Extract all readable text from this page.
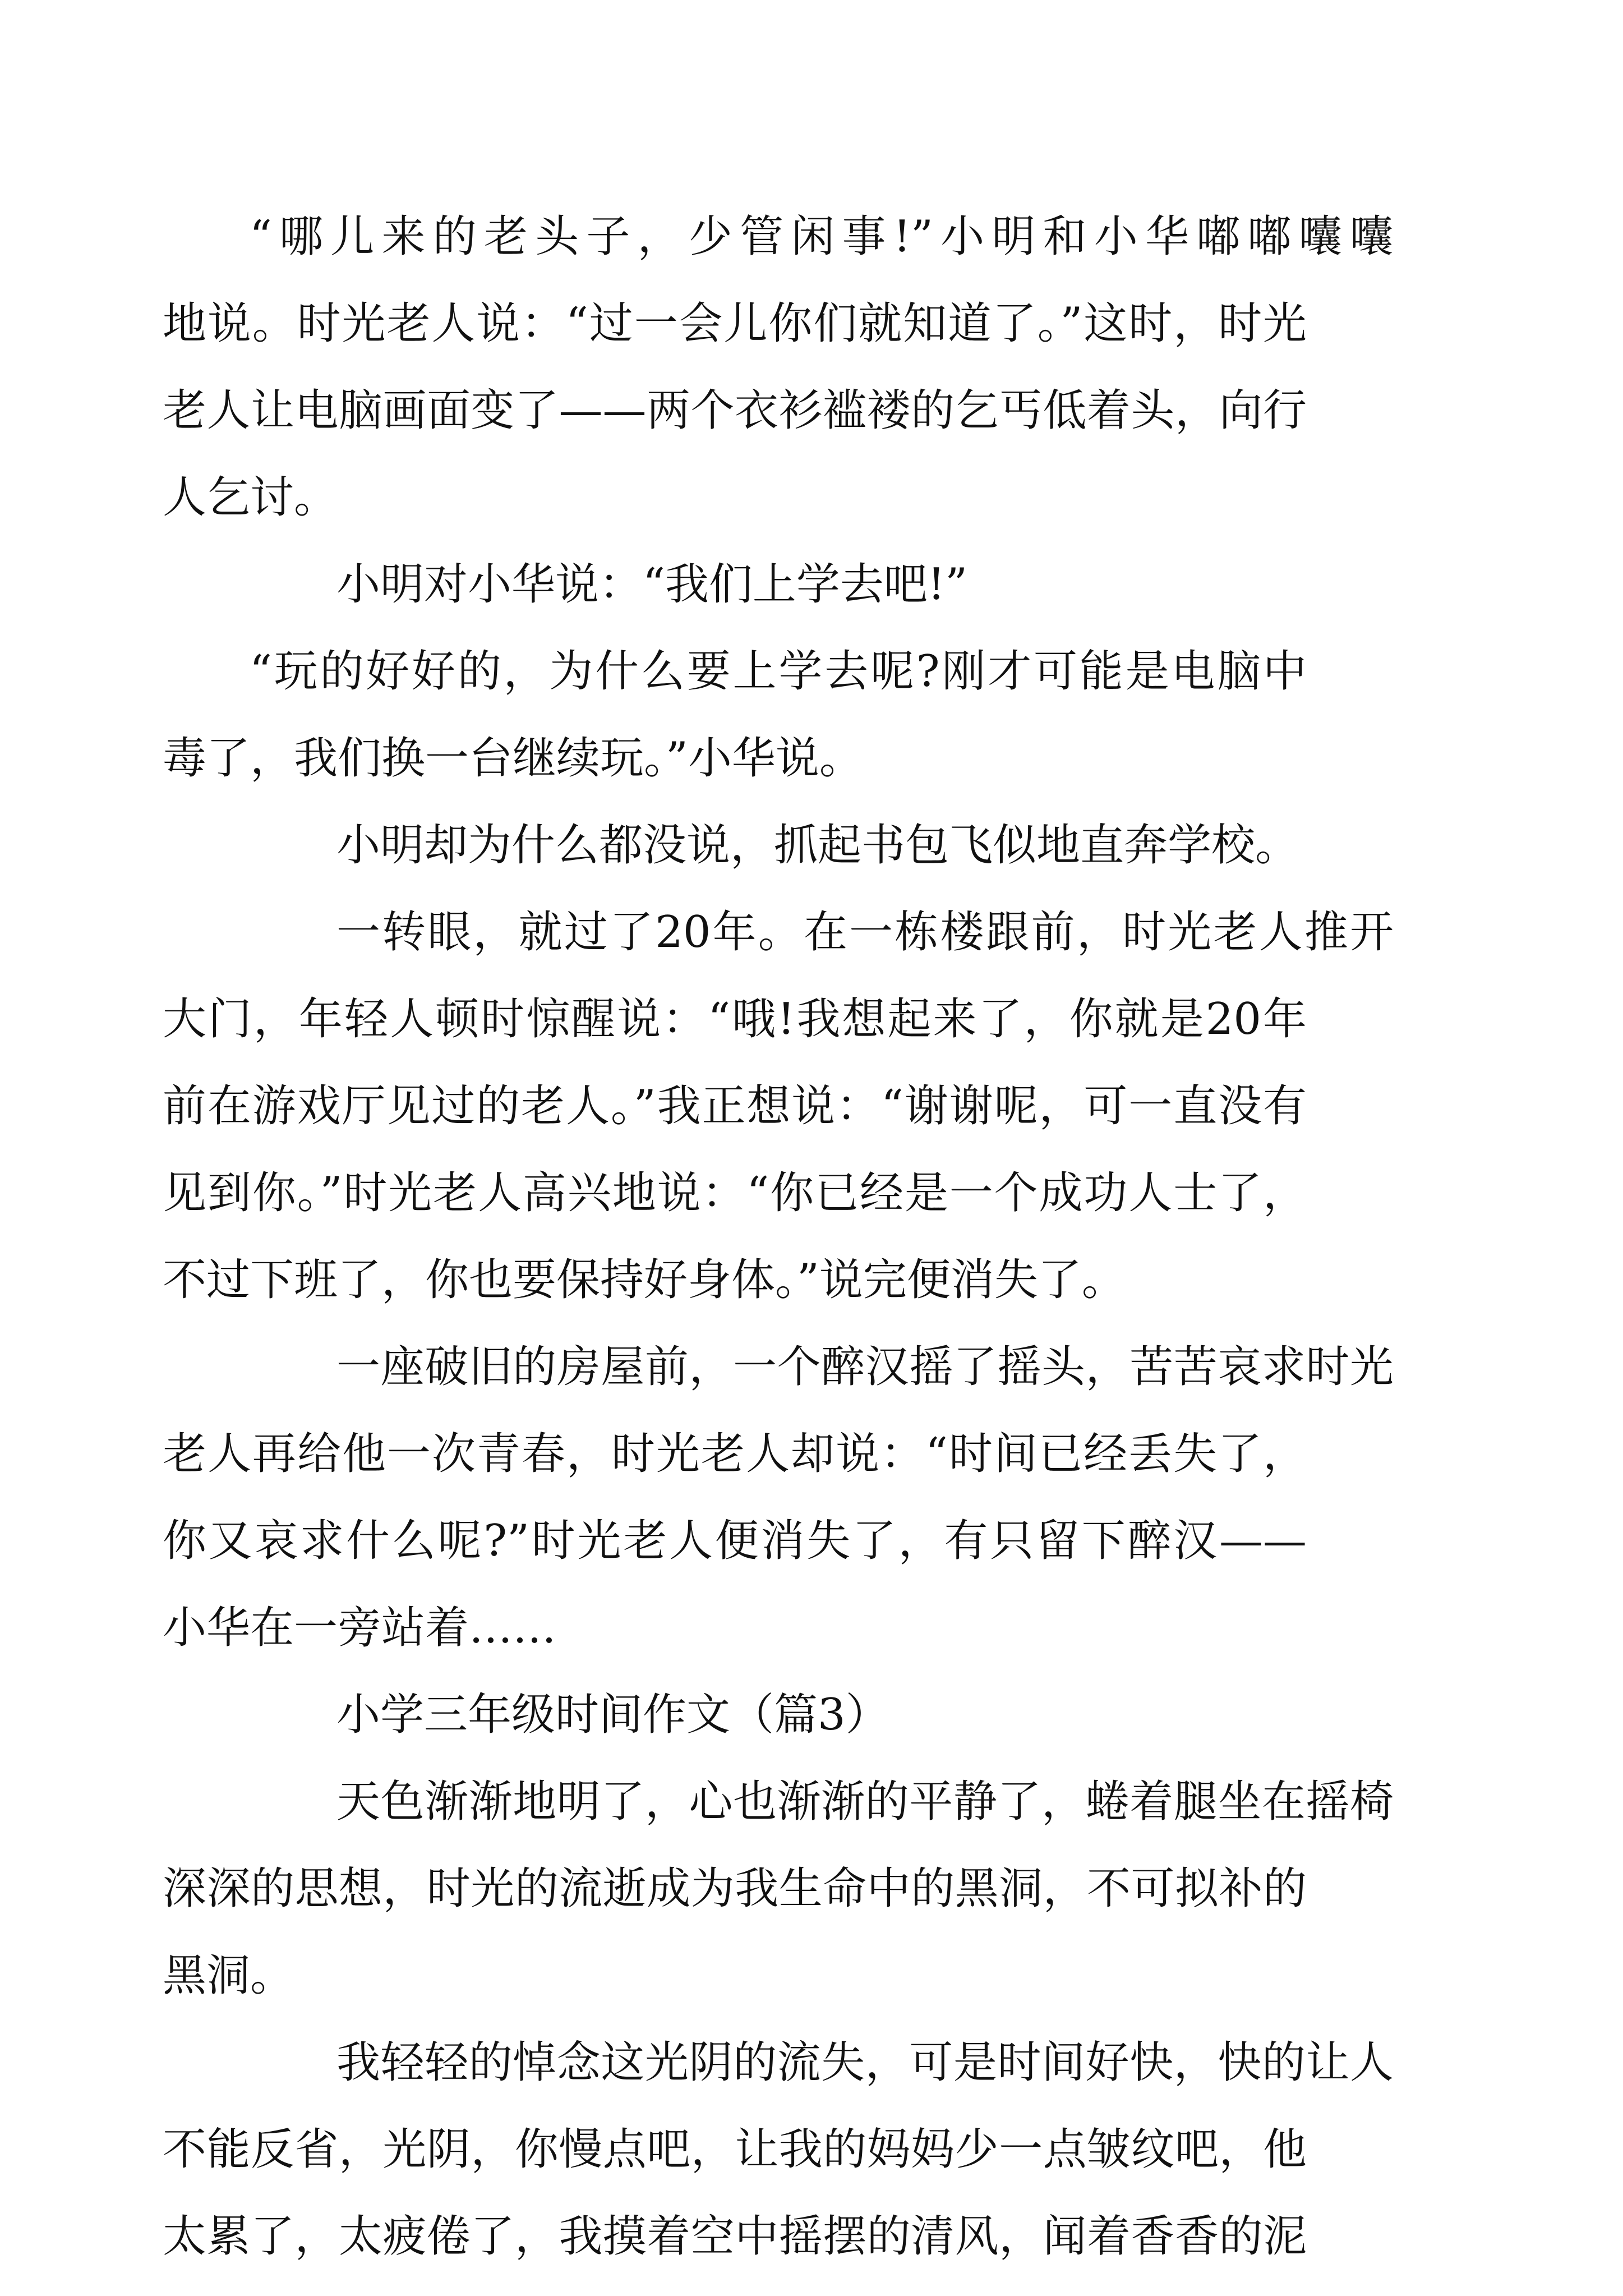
“哪儿来的老头子，少管闲事!”小明和小华嘟嘟囔囔
地说。时光老人说：“过一会儿你们就知道了。”这时，时光
老人让电脑画面变了——两个衣衫褴褛的乞丐低着头，向行
人乞讨。
小明对小华说：“我们上学去吧!”
“玩的好好的，为什么要上学去呢?刚才可能是电脑中
毒了，我们换一台继续玩。”小华说。
小明却为什么都没说，抓起书包飞似地直奔学校。
一转眼，就过了20年。在一栋楼跟前，时光老人推开
大门，年轻人顿时惊醒说：“哦!我想起来了，你就是20年
前在游戏厅见过的老人。”我正想说：“谢谢呢，可一直没有
见到你。”时光老人高兴地说：“你已经是一个成功人士了，
不过下班了，你也要保持好身体。”说完便消失了。
一座破旧的房屋前，一个醉汉摇了摇头，苦苦哀求时光
老人再给他一次青春，时光老人却说：“时间已经丢失了，
你又哀求什么呢?”时光老人便消失了，有只留下醉汉——
小华在一旁站着……
小学三年级时间作文（篇3）
天色渐渐地明了，心也渐渐的平静了，蜷着腿坐在摇椅
深深的思想，时光的流逝成为我生命中的黑洞，不可拟补的
黑洞。
我轻轻的悼念这光阴的流失，可是时间好快，快的让人
不能反省，光阴，你慢点吧，让我的妈妈少一点皱纹吧，他
太累了，太疲倦了，我摸着空中摇摆的清风，闻着香香的泥
